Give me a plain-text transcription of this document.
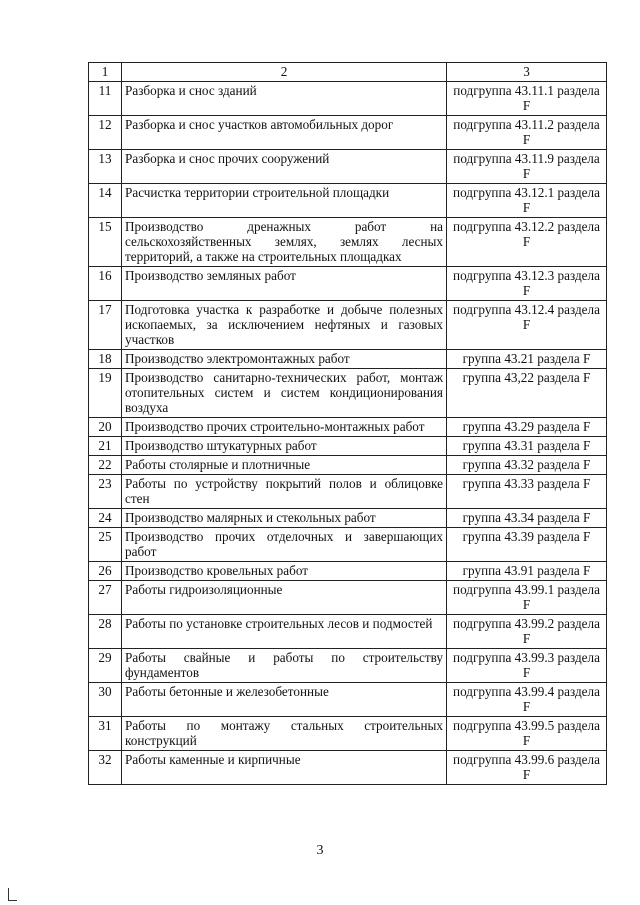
1	2	3
11	Разборка и снос зданий	подгруппа 43.11.1 раздела F
12	Разборка и снос участков автомобильных дорог	подгруппа 43.11.2 раздела F
13	Разборка и снос прочих сооружений	подгруппа 43.11.9 раздела F
14	Расчистка территории строительной площадки	подгруппа 43.12.1 раздела F
15	Производство дренажных работ на сельскохозяйственных землях, землях лесных территорий, а также на строительных площадках	подгруппа 43.12.2 раздела F
16	Производство земляных работ	подгруппа 43.12.3 раздела F
17	Подготовка участка к разработке и добыче полезных ископаемых, за исключением нефтяных и газовых участков	подгруппа 43.12.4 раздела F
18	Производство электромонтажных работ	группа 43.21 раздела F
19	Производство санитарно-технических работ, монтаж отопительных систем и систем кондиционирования воздуха	группа 43,22 раздела F
20	Производство прочих строительно-монтажных работ	группа 43.29 раздела F
21	Производство штукатурных работ	группа 43.31 раздела F
22	Работы столярные и плотничные	группа 43.32 раздела F
23	Работы по устройству покрытий полов и облицовке стен	группа 43.33 раздела F
24	Производство малярных и стекольных работ	группа 43.34 раздела F
25	Производство прочих отделочных и завершающих работ	группа 43.39 раздела F
26	Производство кровельных работ	группа 43.91 раздела F
27	Работы гидроизоляционные	подгруппа 43.99.1 раздела F
28	Работы по установке строительных лесов и подмостей	подгруппа 43.99.2 раздела F
29	Работы свайные и работы по строительству фундаментов	подгруппа 43.99.3 раздела F
30	Работы бетонные и железобетонные	подгруппа 43.99.4 раздела F
31	Работы по монтажу стальных строительных конструкций	подгруппа 43.99.5 раздела F
32	Работы каменные и кирпичные	подгруппа 43.99.6 раздела F
3
